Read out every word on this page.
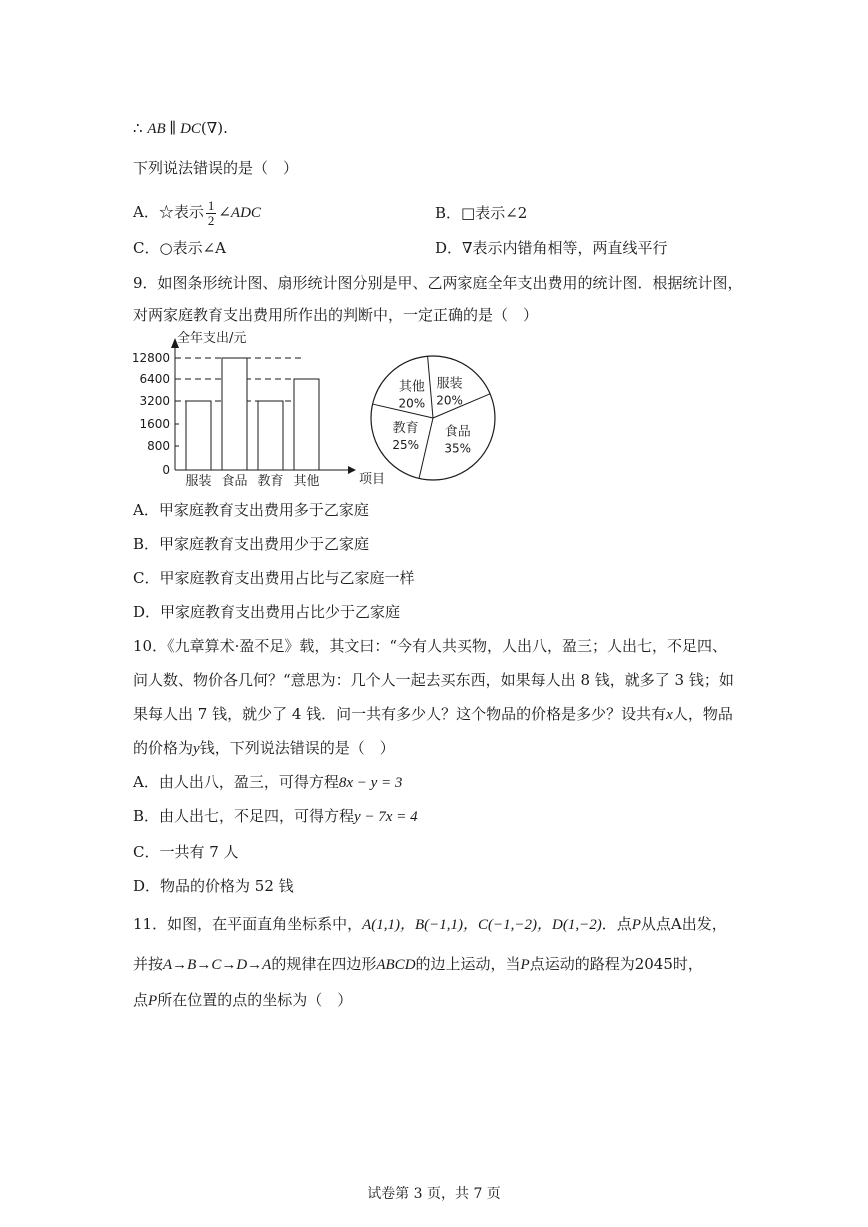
∴ AB ∥ DC(∇).
下列说法错误的是（　）
A．☆表示 $\frac{1}{2}$ ∠ADC	B．□表示∠2
C．○表示∠A	D．∇表示内错角相等，两直线平行
9．如图条形统计图、扇形统计图分别是甲、乙两家庭全年支出费用的统计图．根据统计图，
对两家庭教育支出费用所作出的判断中，一定正确的是（　）
全年支出/元
项目
0
800
1600
3200
6400
12800
服装 食品 教育 其他
服装
20%
食品
35%
教育
25%
其他
20%
A．甲家庭教育支出费用多于乙家庭
B．甲家庭教育支出费用少于乙家庭
C．甲家庭教育支出费用占比与乙家庭一样
D．甲家庭教育支出费用占比少于乙家庭
10．《九章算术·盈不足》载，其文曰：“今有人共买物，人出八，盈三；人出七，不足四、
问人数、物价各几何？“意思为：几个人一起去买东西，如果每人出 8 钱，就多了 3 钱；如
果每人出 7 钱，就少了 4 钱．问一共有多少人？这个物品的价格是多少？设共有x人，物品
的价格为y钱，下列说法错误的是（　）
A．由人出八，盈三，可得方程8x − y = 3
B．由人出七，不足四，可得方程y − 7x = 4
C．一共有 7 人
D．物品的价格为 52 钱
11．如图，在平面直角坐标系中，A(1,1)，B(−1,1)，C(−1,−2)，D(1,−2)．点P从点A出发，
并按A→B→C→D→A的规律在四边形ABCD的边上运动，当P点运动的路程为2045时，
点P所在位置的点的坐标为（　）
试卷第 3 页，共 7 页
